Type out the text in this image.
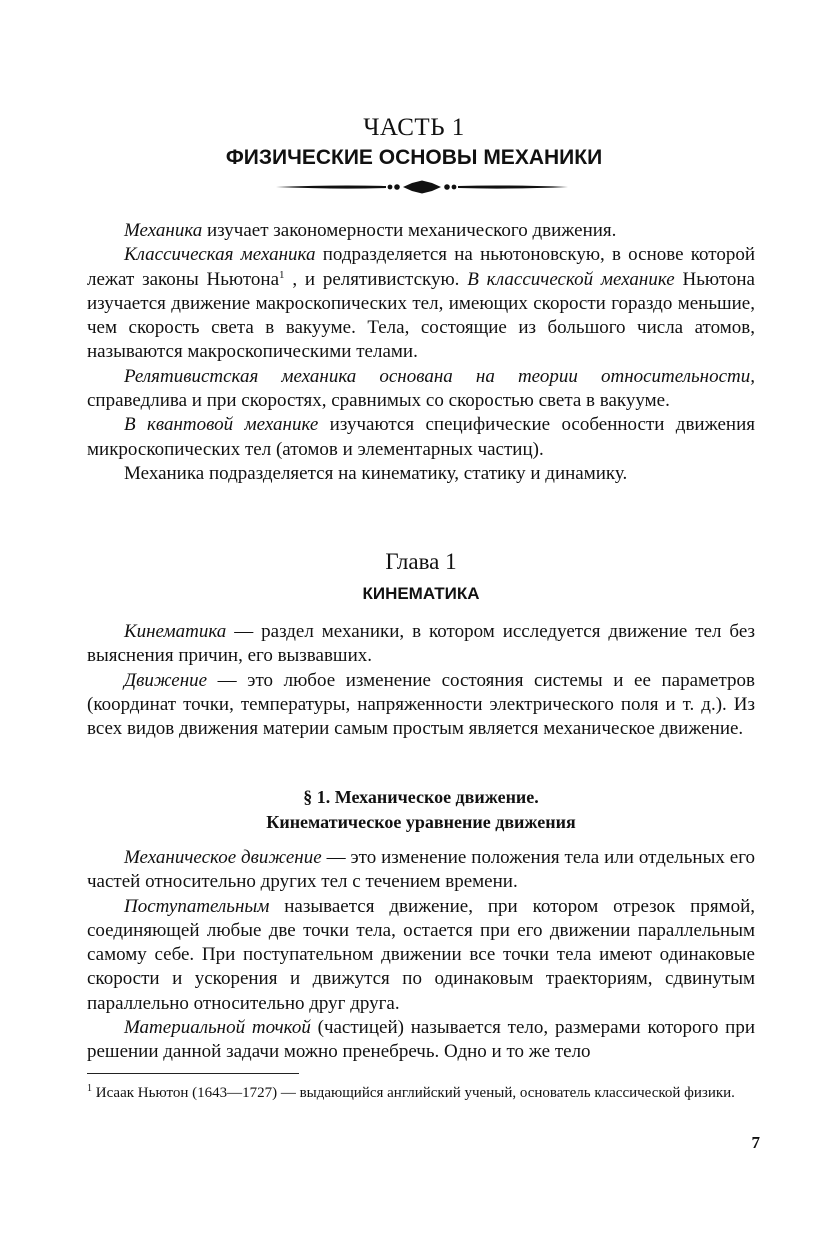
ЧАСТЬ 1
ФИЗИЧЕСКИЕ ОСНОВЫ МЕХАНИКИ

Механика изучает закономерности механического движения.

Классическая механика подразделяется на ньютоновскую, в основе которой лежат законы Ньютона$^1$ , и релятивистскую. В классической механике Ньютона изучается движение макроскопических тел, имеющих скорости гораздо меньшие, чем скорость света в вакууме. Тела, состоящие из большого числа атомов, называются макроскопическими телами.

Релятивистская механика основана на теории относительности, справедлива и при скоростях, сравнимых со скоростью света в вакууме.

В квантовой механике изучаются специфические особенности движения микроскопических тел (атомов и элементарных частиц).

Механика подразделяется на кинематику, статику и динамику.

Глава 1
КИНЕМАТИКА

Кинематика — раздел механики, в котором исследуется движение тел без выяснения причин, его вызвавших.

Движение — это любое изменение состояния системы и ее параметров (координат точки, температуры, напряженности электрического поля и т. д.). Из всех видов движения материи самым простым является механическое движение.

§ 1. Механическое движение.
Кинематическое уравнение движения

Механическое движение — это изменение положения тела или отдельных его частей относительно других тел с течением времени.

Поступательным называется движение, при котором отрезок прямой, соединяющей любые две точки тела, остается при его движении параллельным самому себе. При поступательном движении все точки тела имеют одинаковые скорости и ускорения и движутся по одинаковым траекториям, сдвинутым параллельно относительно друг друга.

Материальной точкой (частицей) называется тело, размерами которого при решении данной задачи можно пренебречь. Одно и то же тело

$^1$ Исаак Ньютон (1643—1727) — выдающийся английский ученый, основатель классической физики.
7
